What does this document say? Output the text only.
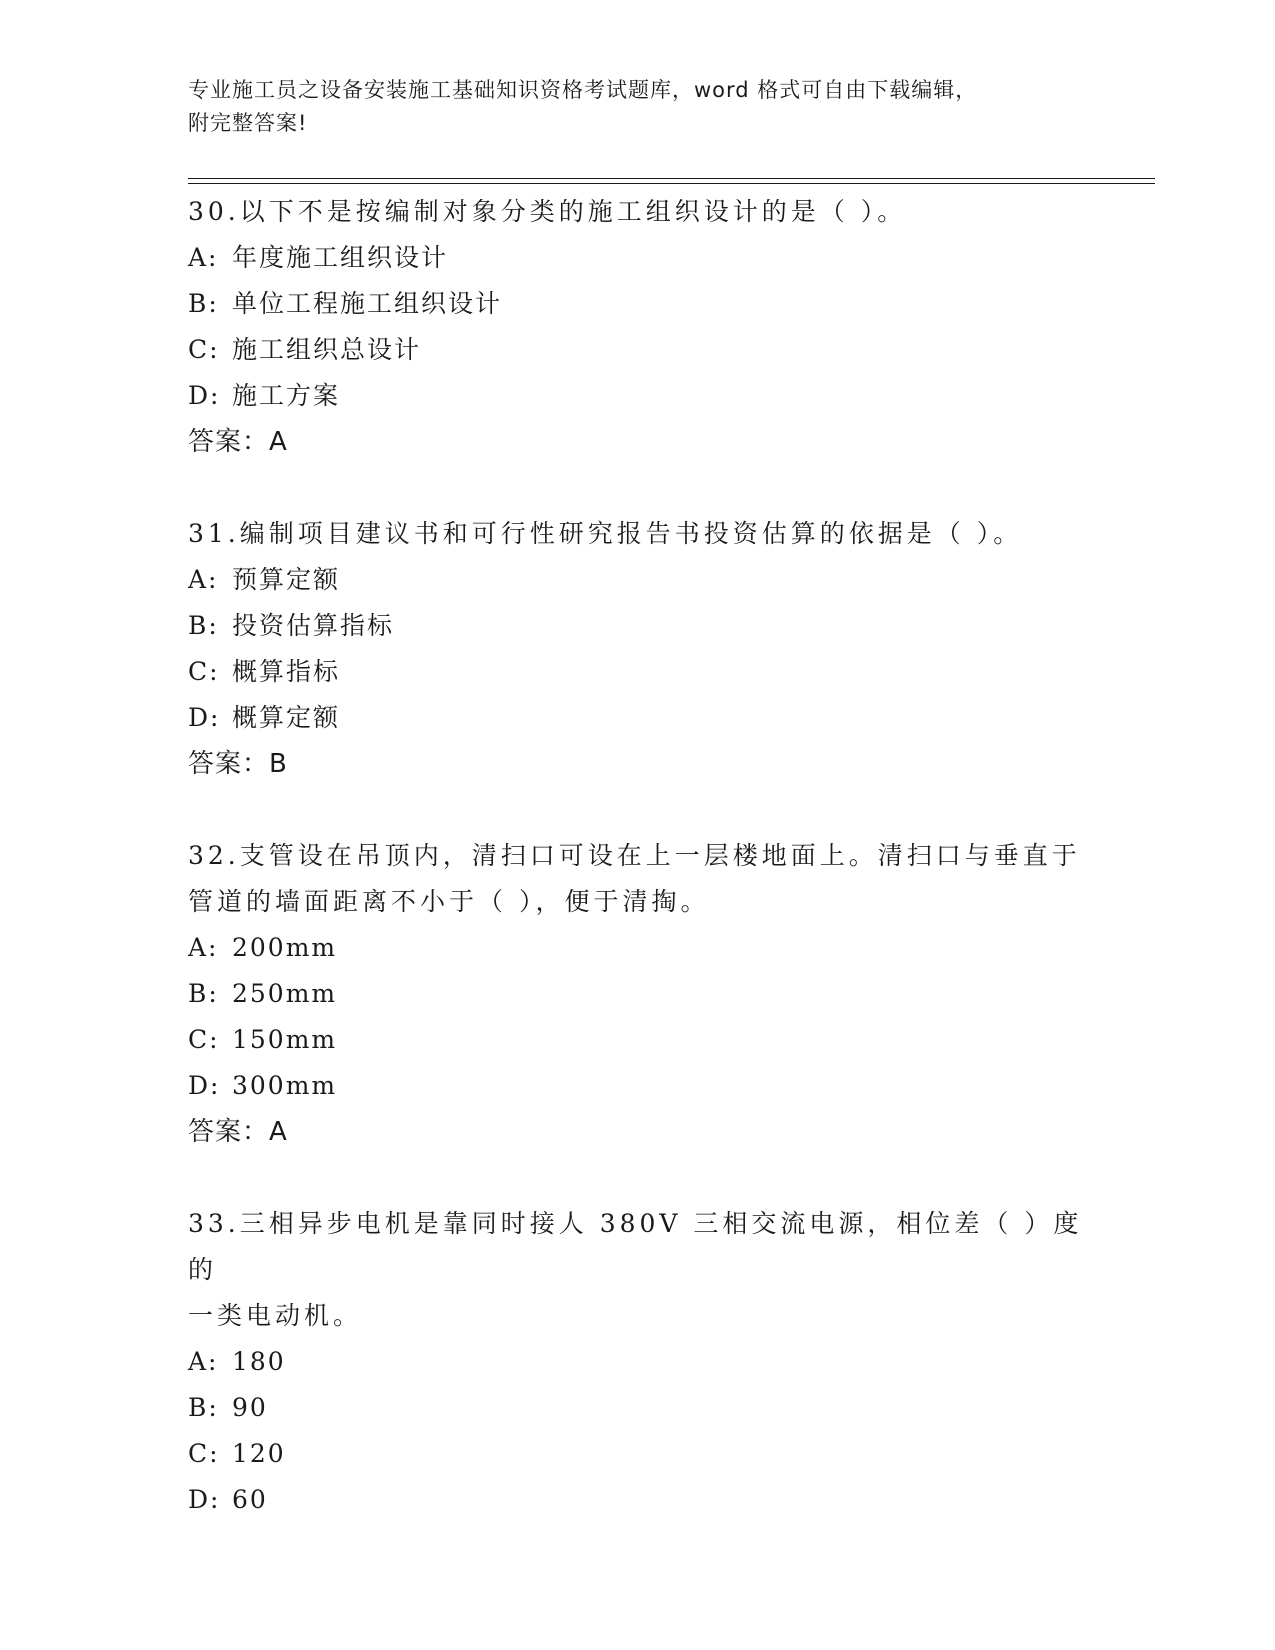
专业施工员之设备安装施工基础知识资格考试题库，word 格式可自由下载编辑，
附完整答案!

30.以下不是按编制对象分类的施工组织设计的是（ ）。

A: 年度施工组织设计

B: 单位工程施工组织设计

C: 施工组织总设计

D: 施工方案

答案：A

31.编制项目建议书和可行性研究报告书投资估算的依据是（ ）。

A: 预算定额

B: 投资估算指标

C: 概算指标

D: 概算定额

答案：B

32.支管设在吊顶内，清扫口可设在上一层楼地面上。清扫口与垂直于

管道的墙面距离不小于（ ），便于清掏。

A: 200mm

B: 250mm

C: 150mm

D: 300mm

答案：A

33.三相异步电机是靠同时接人 380V 三相交流电源，相位差（ ）度的

一类电动机。

A: 180

B: 90

C: 120

D: 60
